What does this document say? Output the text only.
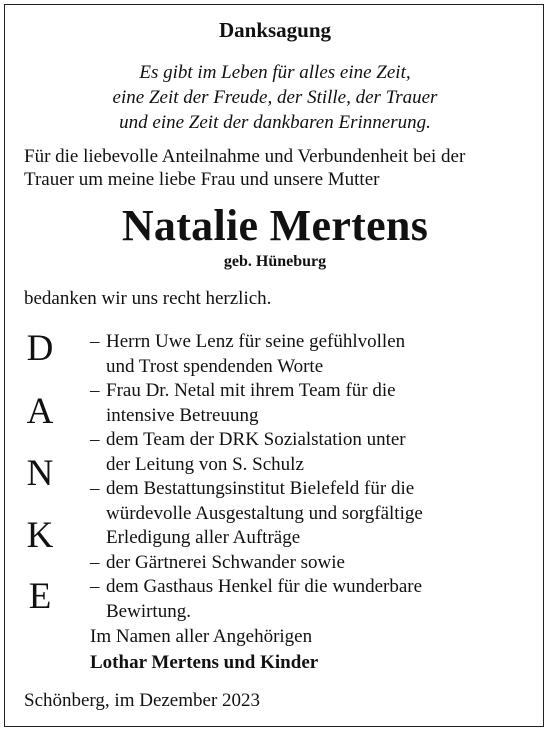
Danksagung
Es gibt im Leben für alles eine Zeit,
eine Zeit der Freude, der Stille, der Trauer
und eine Zeit der dankbaren Erinnerung.
Für die liebevolle Anteilnahme und Verbundenheit bei der
Trauer um meine liebe Frau und unsere Mutter
Natalie Mertens
geb. Hüneburg
bedanken wir uns recht herzlich.
D
A
N
K
E
– Herrn Uwe Lenz für seine gefühlvollen
und Trost spendenden Worte
– Frau Dr. Netal mit ihrem Team für die
intensive Betreuung
– dem Team der DRK Sozialstation unter
der Leitung von S. Schulz
– dem Bestattungsinstitut Bielefeld für die
würdevolle Ausgestaltung und sorgfältige
Erledigung aller Aufträge
– der Gärtnerei Schwander sowie
– dem Gasthaus Henkel für die wunderbare
Bewirtung.
Im Namen aller Angehörigen
Lothar Mertens und Kinder
Schönberg, im Dezember 2023
